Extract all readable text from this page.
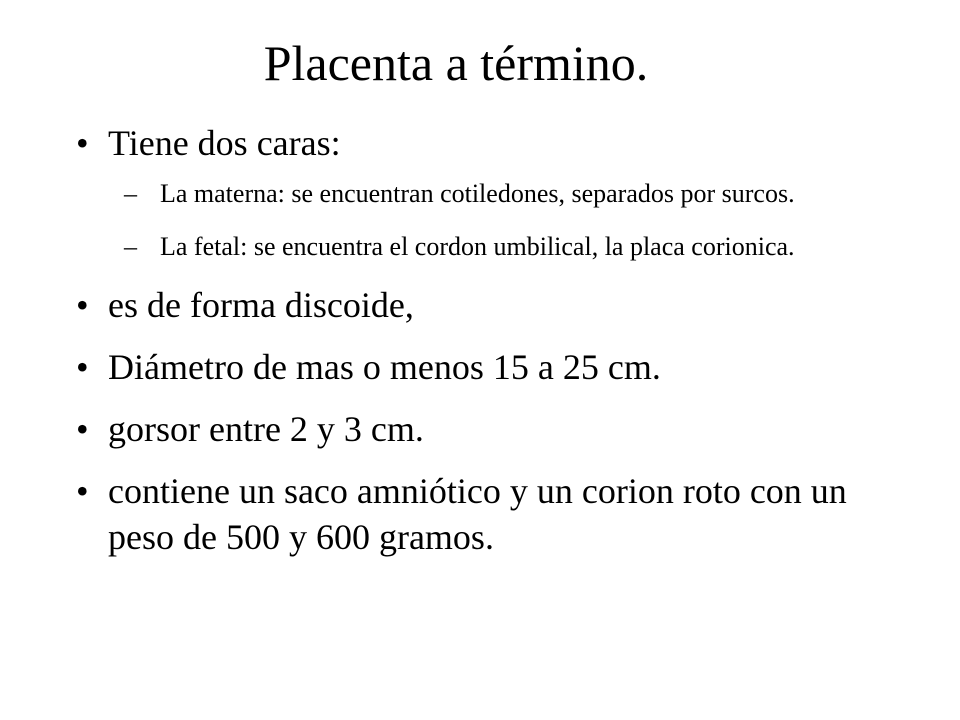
Placenta a término.
• Tiene dos caras:
– La materna: se encuentran cotiledones, separados por surcos.
– La fetal: se encuentra el cordon umbilical, la placa corionica.
• es de forma discoide,
• Diámetro de mas o menos 15 a 25 cm.
• gorsor entre 2 y 3 cm.
• contiene un saco amniótico y un corion roto con un peso de 500 y 600 gramos.
